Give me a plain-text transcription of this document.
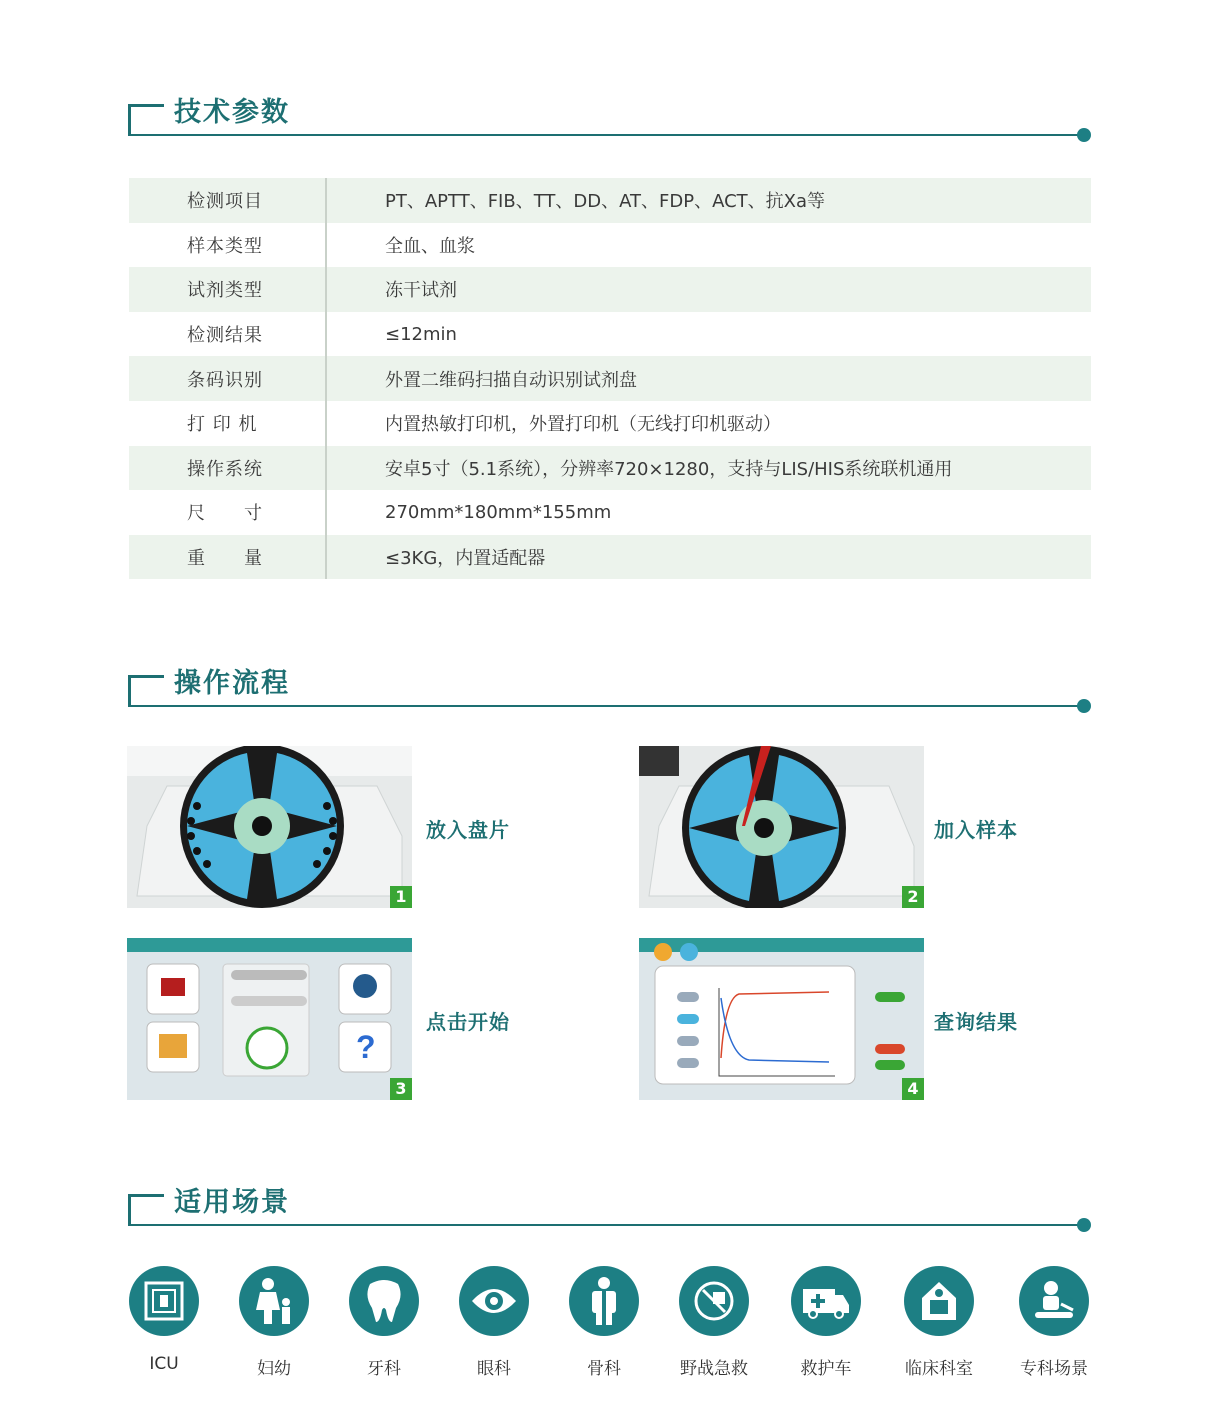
技术参数
检测项目	PT、APTT、FIB、TT、DD、AT、FDP、ACT、抗Xa等
样本类型	全血、血浆
试剂类型	冻干试剂
检测结果	≤12min
条码识别	外置二维码扫描自动识别试剂盘
打 印 机	内置热敏打印机，外置打印机（无线打印机驱动）
操作系统	安卓5寸（5.1系统），分辨率720×1280，支持与LIS/HIS系统联机通用
尺　　寸	270mm*180mm*155mm
重　　量	≤3KG，内置适配器
操作流程
1
放入盘片
2
加入样本
?
3
点击开始
4
查询结果
适用场景
ICU	妇幼	牙科	眼科	骨科	野战急救	救护车	临床科室	专科场景
